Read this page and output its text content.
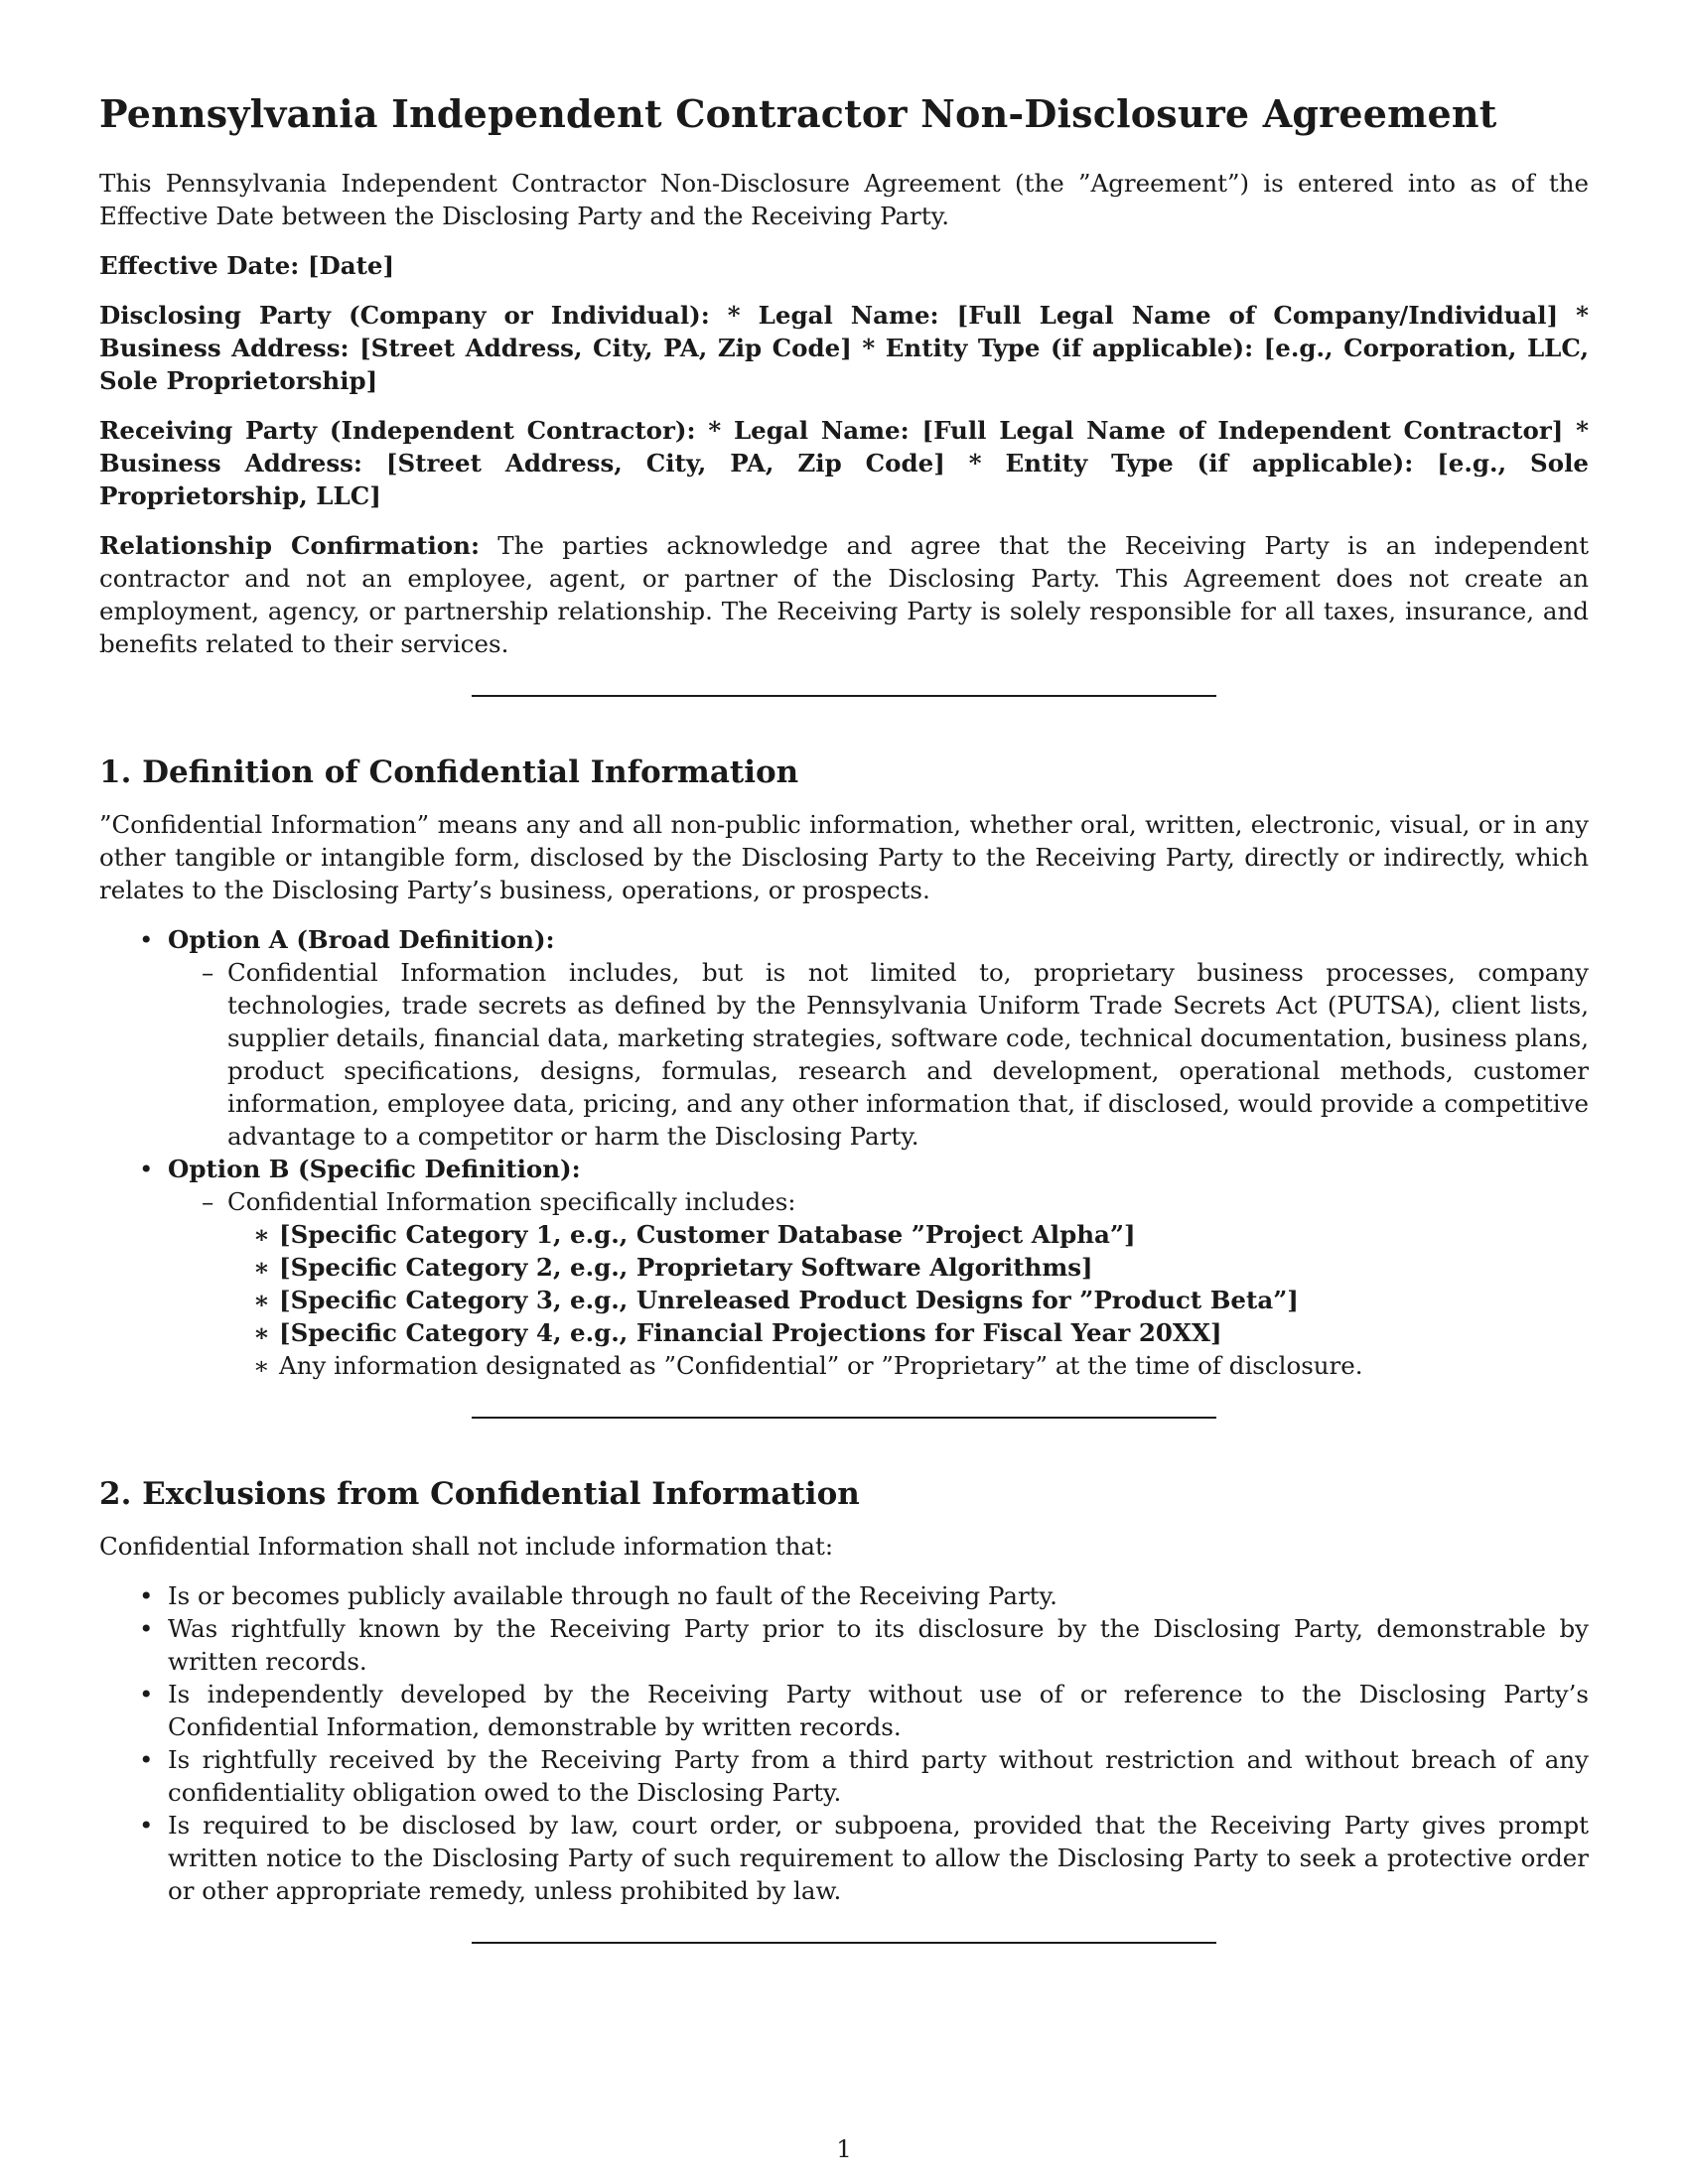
Pennsylvania Independent Contractor Non-Disclosure Agreement

This Pennsylvania Independent Contractor Non-Disclosure Agreement (the ”Agreement”) is entered into as of the Effective Date between the Disclosing Party and the Receiving Party.

Effective Date: [Date]

Disclosing Party (Company or Individual): * Legal Name: [Full Legal Name of Company/Individual] * Business Address: [Street Address, City, PA, Zip Code] * Entity Type (if applicable): [e.g., Corporation, LLC, Sole Proprietorship]

Receiving Party (Independent Contractor): * Legal Name: [Full Legal Name of Independent Contractor] * Business Address: [Street Address, City, PA, Zip Code] * Entity Type (if applicable): [e.g., Sole Proprietorship, LLC]

Relationship Confirmation: The parties acknowledge and agree that the Receiving Party is an independent contractor and not an employee, agent, or partner of the Disclosing Party. This Agreement does not create an employment, agency, or partnership relationship. The Receiving Party is solely responsible for all taxes, insurance, and benefits related to their services.

1. Definition of Confidential Information

”Confidential Information” means any and all non-public information, whether oral, written, electronic, visual, or in any other tangible or intangible form, disclosed by the Disclosing Party to the Receiving Party, directly or indirectly, which relates to the Disclosing Party’s business, operations, or prospects.

• Option A (Broad Definition):
– Confidential Information includes, but is not limited to, proprietary business processes, company technologies, trade secrets as defined by the Pennsylvania Uniform Trade Secrets Act (PUTSA), client lists, supplier details, financial data, marketing strategies, software code, technical documentation, business plans, product specifications, designs, formulas, research and development, operational methods, customer information, employee data, pricing, and any other information that, if disclosed, would provide a competitive advantage to a competitor or harm the Disclosing Party.
• Option B (Specific Definition):
– Confidential Information specifically includes:
∗ [Specific Category 1, e.g., Customer Database ”Project Alpha”]
∗ [Specific Category 2, e.g., Proprietary Software Algorithms]
∗ [Specific Category 3, e.g., Unreleased Product Designs for ”Product Beta”]
∗ [Specific Category 4, e.g., Financial Projections for Fiscal Year 20XX]
∗ Any information designated as ”Confidential” or ”Proprietary” at the time of disclosure.
2. Exclusions from Confidential Information

Confidential Information shall not include information that:

• Is or becomes publicly available through no fault of the Receiving Party.
• Was rightfully known by the Receiving Party prior to its disclosure by the Disclosing Party, demonstrable by written records.
• Is independently developed by the Receiving Party without use of or reference to the Disclosing Party’s Confidential Information, demonstrable by written records.
• Is rightfully received by the Receiving Party from a third party without restriction and without breach of any confidentiality obligation owed to the Disclosing Party.
• Is required to be disclosed by law, court order, or subpoena, provided that the Receiving Party gives prompt written notice to the Disclosing Party of such requirement to allow the Disclosing Party to seek a protective order or other appropriate remedy, unless prohibited by law.
1
